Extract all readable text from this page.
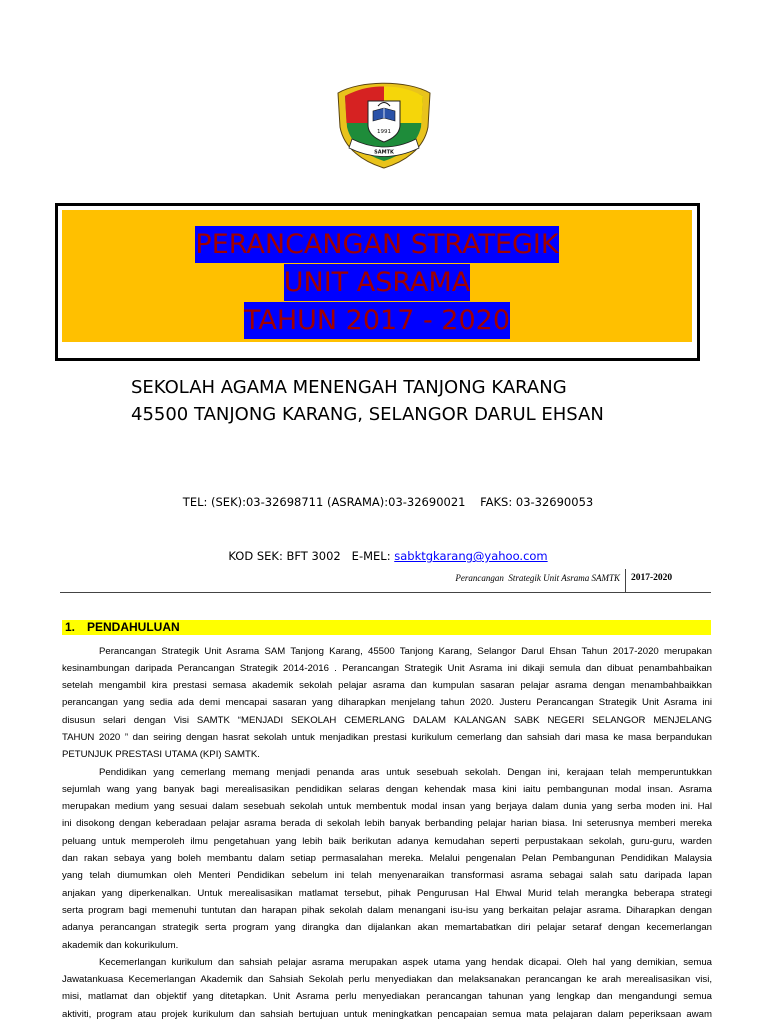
1991
SAMTK
PERANCANGAN STRATEGIK
UNIT ASRAMA
TAHUN 2017 - 2020
SEKOLAH AGAMA MENENGAH TANJONG KARANG
45500 TANJONG KARANG, SELANGOR DARUL EHSAN

TEL: (SEK):03-32698711 (ASRAMA):03-32690021    FAKS: 03-32690053

KOD SEK: BFT 3002   E-MEL: sabktgkarang@yahoo.com

Perancangan  Strategik Unit Asrama SAMTK 2017-2020
1. PENDAHULUAN
Perancangan Strategik Unit Asrama SAM Tanjong Karang, 45500 Tanjong Karang, Selangor Darul Ehsan Tahun 2017-2020 merupakan
kesinambungan daripada Perancangan Strategik 2014-2016 . Perancangan Strategik Unit Asrama ini dikaji semula dan dibuat penambahbaikan
setelah mengambil kira prestasi semasa akademik sekolah pelajar asrama dan kumpulan sasaran pelajar asrama dengan menambahbaikkan
perancangan yang sedia ada demi mencapai sasaran yang diharapkan menjelang tahun 2020. Justeru Perancangan Strategik Unit Asrama ini
disusun selari dengan Visi SAMTK “MENJADI SEKOLAH CEMERLANG DALAM KALANGAN SABK NEGERI SELANGOR MENJELANG
TAHUN 2020 ” dan seiring dengan hasrat sekolah untuk menjadikan prestasi kurikulum cemerlang dan sahsiah dari masa ke masa berpandukan
PETUNJUK PRESTASI UTAMA (KPI) SAMTK.
Pendidikan yang cemerlang memang menjadi penanda aras untuk sesebuah sekolah. Dengan ini, kerajaan telah memperuntukkan
sejumlah wang yang banyak bagi merealisasikan pendidikan selaras dengan kehendak masa kini iaitu pembangunan modal insan. Asrama
merupakan medium yang sesuai dalam sesebuah sekolah untuk membentuk modal insan yang berjaya dalam dunia yang serba moden ini. Hal
ini disokong dengan keberadaan pelajar asrama berada di sekolah lebih banyak berbanding pelajar harian biasa. Ini seterusnya memberi mereka
peluang untuk memperoleh ilmu pengetahuan yang lebih baik berikutan adanya kemudahan seperti perpustakaan sekolah, guru-guru, warden
dan rakan sebaya yang boleh membantu dalam setiap permasalahan mereka. Melalui pengenalan Pelan Pembangunan Pendidikan Malaysia
yang telah diumumkan oleh Menteri Pendidikan sebelum ini telah menyenaraikan transformasi asrama sebagai salah satu daripada lapan
anjakan yang diperkenalkan. Untuk merealisasikan matlamat tersebut, pihak Pengurusan Hal Ehwal Murid telah merangka beberapa strategi
serta program bagi memenuhi tuntutan dan harapan pihak sekolah dalam menangani isu-isu yang berkaitan pelajar asrama. Diharapkan dengan
adanya perancangan strategik serta program yang dirangka dan dijalankan akan memartabatkan diri pelajar setaraf dengan kecemerlangan
akademik dan kokurikulum.
Kecemerlangan kurikulum dan sahsiah pelajar asrama merupakan aspek utama yang hendak dicapai. Oleh hal yang demikian, semua
Jawatankuasa Kecemerlangan Akademik dan Sahsiah Sekolah perlu menyediakan dan melaksanakan perancangan ke arah merealisasikan visi,
misi, matlamat dan objektif yang ditetapkan. Unit Asrama perlu menyediakan perancangan tahunan yang lengkap dan mengandungi semua
aktiviti, program atau projek kurikulum dan sahsiah bertujuan untuk meningkatkan pencapaian semua mata pelajaran dalam peperiksaan awam
